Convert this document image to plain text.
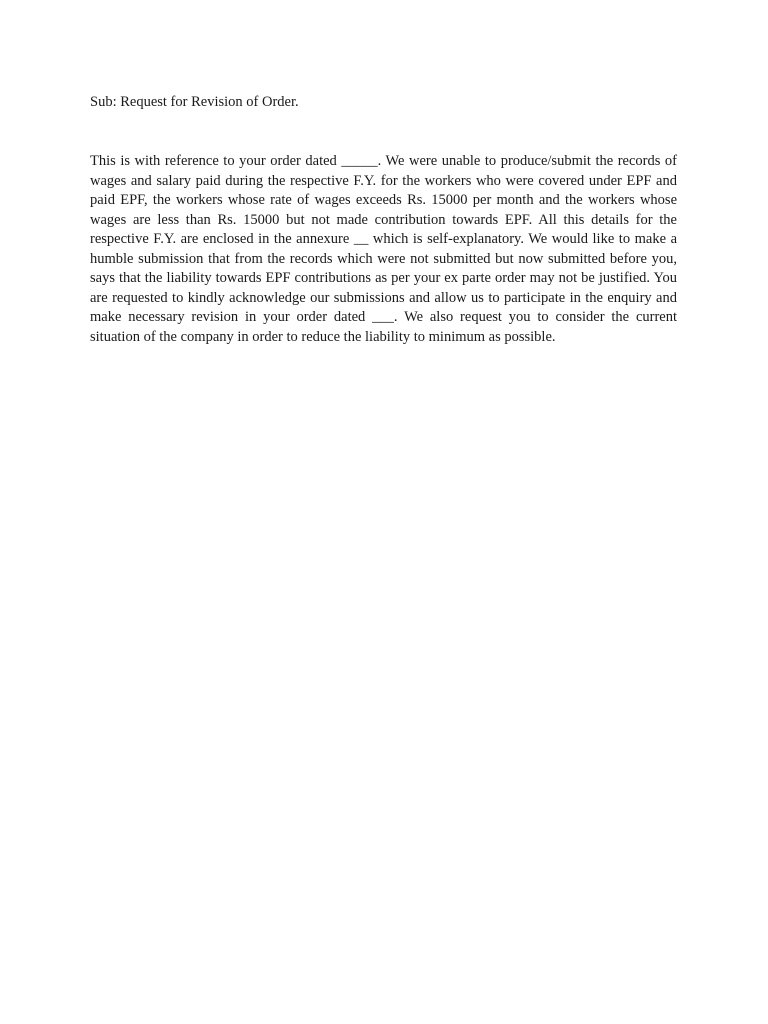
Sub: Request for Revision of Order.

This is with reference to your order dated _____. We were unable to produce/submit the records of wages and salary paid during the respective F.Y. for the workers who were covered under EPF and paid EPF, the workers whose rate of wages exceeds Rs. 15000 per month and the workers whose wages are less than Rs. 15000 but not made contribution towards EPF. All this details for the respective F.Y. are enclosed in the annexure __ which is self-explanatory. We would like to make a humble submission that from the records which were not submitted but now submitted before you, says that the liability towards EPF contributions as per your ex parte order may not be justified. You are requested to kindly acknowledge our submissions and allow us to participate in the enquiry and make necessary revision in your order dated ___. We also request you to consider the current situation of the company in order to reduce the liability to minimum as possible.
